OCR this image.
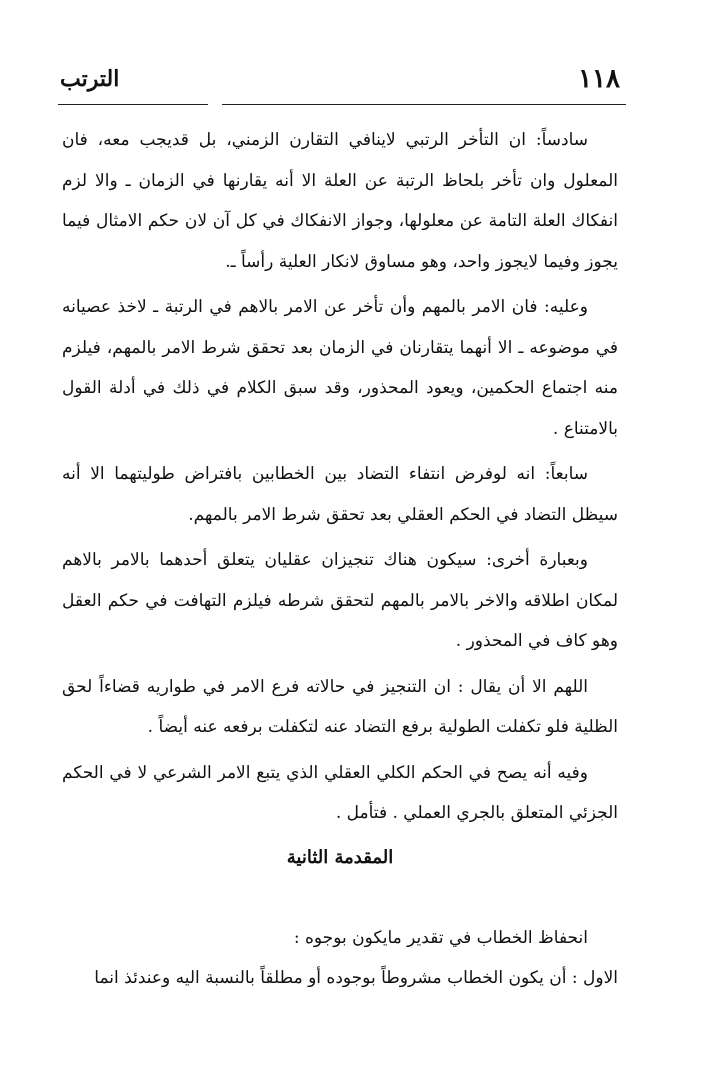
١١٨
الترتب

سادساً: ان التأخر الرتبي لاينافي التقارن الزمني، بل قديجب معه، فان المعلول وان تأخر بلحاظ الرتبة عن العلة الا أنه يقارنها في الزمان ـ والا لزم انفكاك العلة التامة عن معلولها، وجواز الانفكاك في كل آن لان حكم الامثال فيما يجوز وفيما لايجوز واحد، وهو مساوق لانكار العلية رأساً ـ.

وعليه: فان الامر بالمهم وأن تأخر عن الامر بالاهم في الرتبة ـ لاخذ عصيانه في موضوعه ـ الا أنهما يتقارنان في الزمان بعد تحقق شرط الامر بالمهم، فيلزم منه اجتماع الحكمين، ويعود المحذور، وقد سبق الكلام في ذلك في أدلة القول بالامتناع .

سابعاً: انه لوفرض انتفاء التضاد بين الخطابين بافتراض طوليتهما الا أنه سيظل التضاد في الحكم العقلي بعد تحقق شرط الامر بالمهم.

وبعبارة أخرى: سيكون هناك تنجيزان عقليان يتعلق أحدهما بالامر بالاهم لمكان اطلاقه والاخر بالامر بالمهم لتحقق شرطه فيلزم التهافت في حكم العقل وهو كاف في المحذور .

اللهم الا أن يقال : ان التنجيز في حالاته فرع الامر في طواريه قضاءاً لحق الظلية فلو تكفلت الطولية برفع التضاد عنه لتكفلت برفعه عنه أيضاً .

وفيه أنه يصح في الحكم الكلي العقلي الذي يتبع الامر الشرعي لا في الحكم الجزئي المتعلق بالجري العملي . فتأمل .

المقدمة الثانية

انحفاظ الخطاب في تقدير مايكون بوجوه :

الاول : أن يكون الخطاب مشروطاً بوجوده أو مطلقاً بالنسبة اليه وعندئذ انما
